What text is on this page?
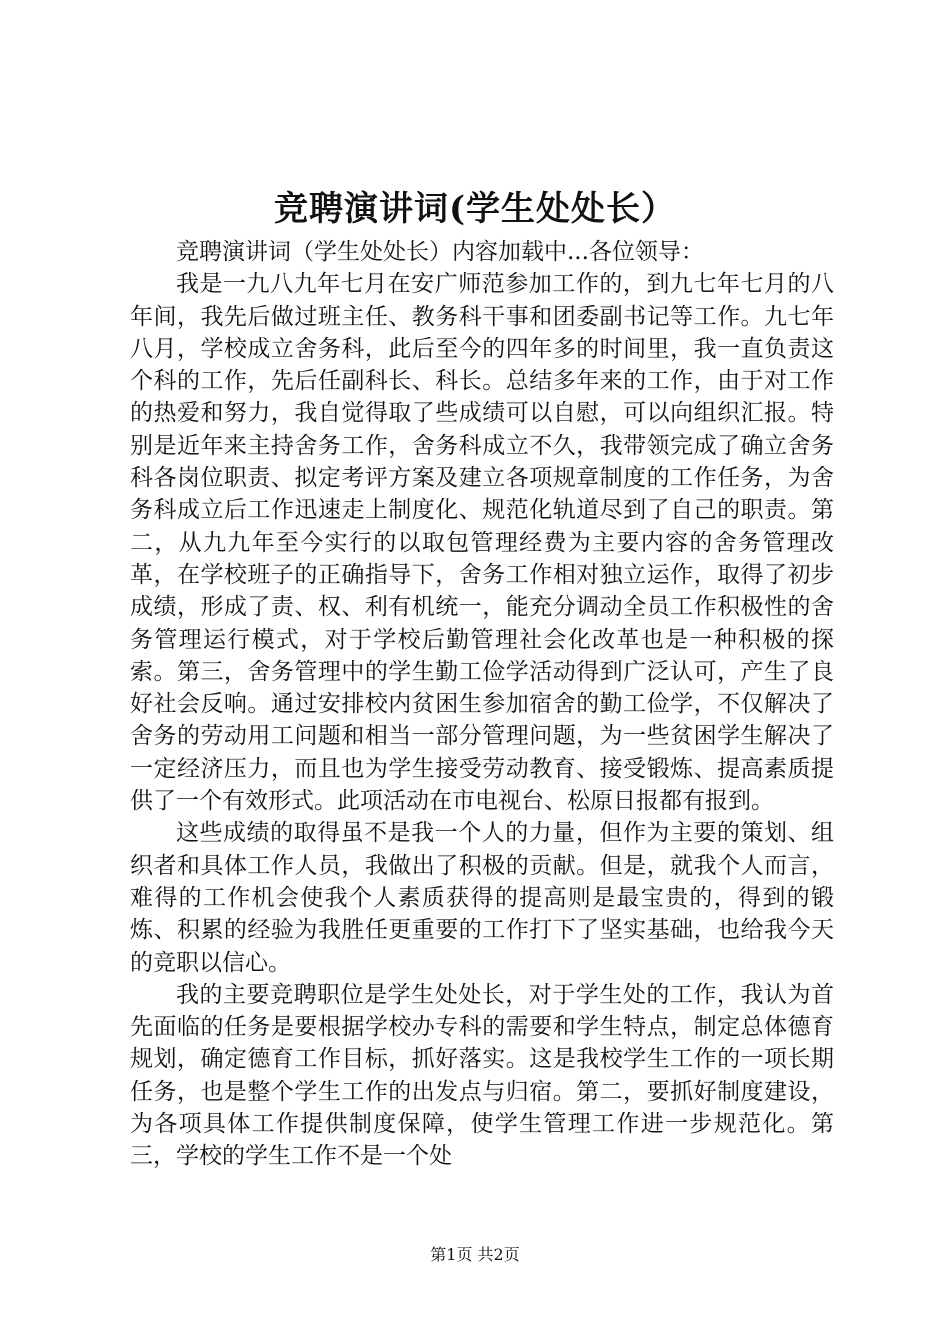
竞聘演讲词(学生处处长）

竞聘演讲词（学生处处长）内容加载中...各位领导：

我是一九八九年七月在安广师范参加工作的，到九七年七月的八年间，我先后做过班主任、教务科干事和团委副书记等工作。九七年八月，学校成立舍务科，此后至今的四年多的时间里，我一直负责这个科的工作，先后任副科长、科长。总结多年来的工作，由于对工作的热爱和努力，我自觉得取了些成绩可以自慰，可以向组织汇报。特别是近年来主持舍务工作，舍务科成立不久，我带领完成了确立舍务科各岗位职责、拟定考评方案及建立各项规章制度的工作任务，为舍务科成立后工作迅速走上制度化、规范化轨道尽到了自己的职责。第二，从九九年至今实行的以取包管理经费为主要内容的舍务管理改革，在学校班子的正确指导下，舍务工作相对独立运作，取得了初步成绩，形成了责、权、利有机统一，能充分调动全员工作积极性的舍务管理运行模式，对于学校后勤管理社会化改革也是一种积极的探索。第三，舍务管理中的学生勤工俭学活动得到广泛认可，产生了良好社会反响。通过安排校内贫困生参加宿舍的勤工俭学，不仅解决了舍务的劳动用工问题和相当一部分管理问题，为一些贫困学生解决了一定经济压力，而且也为学生接受劳动教育、接受锻炼、提高素质提供了一个有效形式。此项活动在市电视台、松原日报都有报到。

这些成绩的取得虽不是我一个人的力量，但作为主要的策划、组织者和具体工作人员，我做出了积极的贡献。但是，就我个人而言，难得的工作机会使我个人素质获得的提高则是最宝贵的，得到的锻炼、积累的经验为我胜任更重要的工作打下了坚实基础，也给我今天的竞职以信心。

我的主要竞聘职位是学生处处长，对于学生处的工作，我认为首先面临的任务是要根据学校办专科的需要和学生特点，制定总体德育规划，确定德育工作目标，抓好落实。这是我校学生工作的一项长期任务，也是整个学生工作的出发点与归宿。第二，要抓好制度建设，为各项具体工作提供制度保障，使学生管理工作进一步规范化。第三，学校的学生工作不是一个处

第1页 共2页
